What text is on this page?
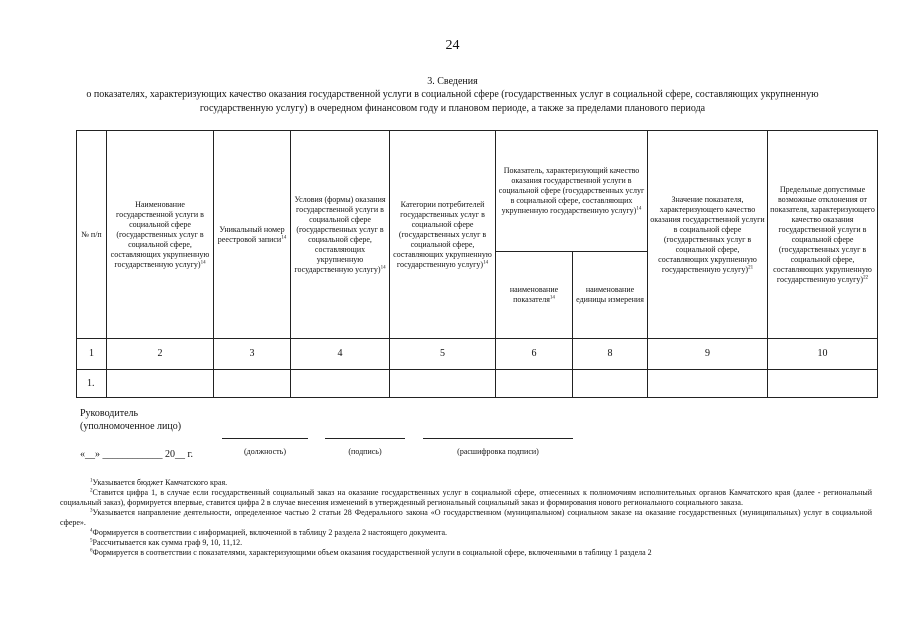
24
3. Сведения
о показателях, характеризующих качество оказания государственной услуги в социальной сфере (государственных услуг в социальной сфере, составляющих укрупненную государственную услугу) в очередном финансовом году и плановом периоде, а также за пределами планового периода
№ п/п	Наименование государственной услуги в социальной сфере (государственных услуг в социальной сфере, составляющих укрупненную государственную услугу)$^{14}$	Уникальный номер реестровой записи$^{14}$	Условия (формы) оказания государственной услуги в социальной сфере (государственных услуг в социальной сфере, составляющих укрупненную государственную услугу)$^{14}$	Категории потребителей государственных услуг в социальной сфере (государственных услуг в социальной сфере, составляющих укрупненную государственную услугу)$^{14}$	Показатель, характеризующий качество оказания государственной услуги в социальной сфере (государственных услуг в социальной сфере, составляющих укрупненную государственную услугу)$^{14}$		Значение показателя, характеризующего качество оказания государственной услуги в социальной сфере (государственных услуг в социальной сфере, составляющих укрупненную государственную услугу)$^{21}$	Предельные допустимые возможные отклонения от показателя, характеризующего качество оказания государственной услуги в социальной сфере (государственных услуг в социальной сфере, составляющих укрупненную государственную услугу)$^{22}$
					наименование показателя$^{14}$	наименование единицы измерения		
1	2	3	4	5	6	8	9	10
1.								
Руководитель
(уполномоченное лицо)
(должность)	(подпись)	(расшифровка подписи)
«__» ____________ 20__ г.

$^1$Указывается бюджет Камчатского края.

$^2$Ставится цифра 1, в случае если государственный социальный заказ на оказание государственных услуг в социальной сфере, отнесенных к полномочиям исполнительных органов Камчатского края (далее - региональный социальный заказ), формируется впервые, ставится цифра 2 в случае внесения изменений в утвержденный региональный социальный заказ и формирования нового регионального социального заказа.

$^3$Указывается направление деятельности, определенное частью 2 статьи 28 Федерального закона «О государственном (муниципальном) социальном заказе на оказание государственных (муниципальных) услуг в социальной сфере».

$^4$Формируется в соответствии с информацией, включенной в таблицу 2 раздела 2 настоящего документа.

$^5$Рассчитывается как сумма граф 9, 10, 11,12.

$^6$Формируется в соответствии с показателями, характеризующими объем оказания государственной услуги в социальной сфере, включенными в таблицу 1 раздела 2
